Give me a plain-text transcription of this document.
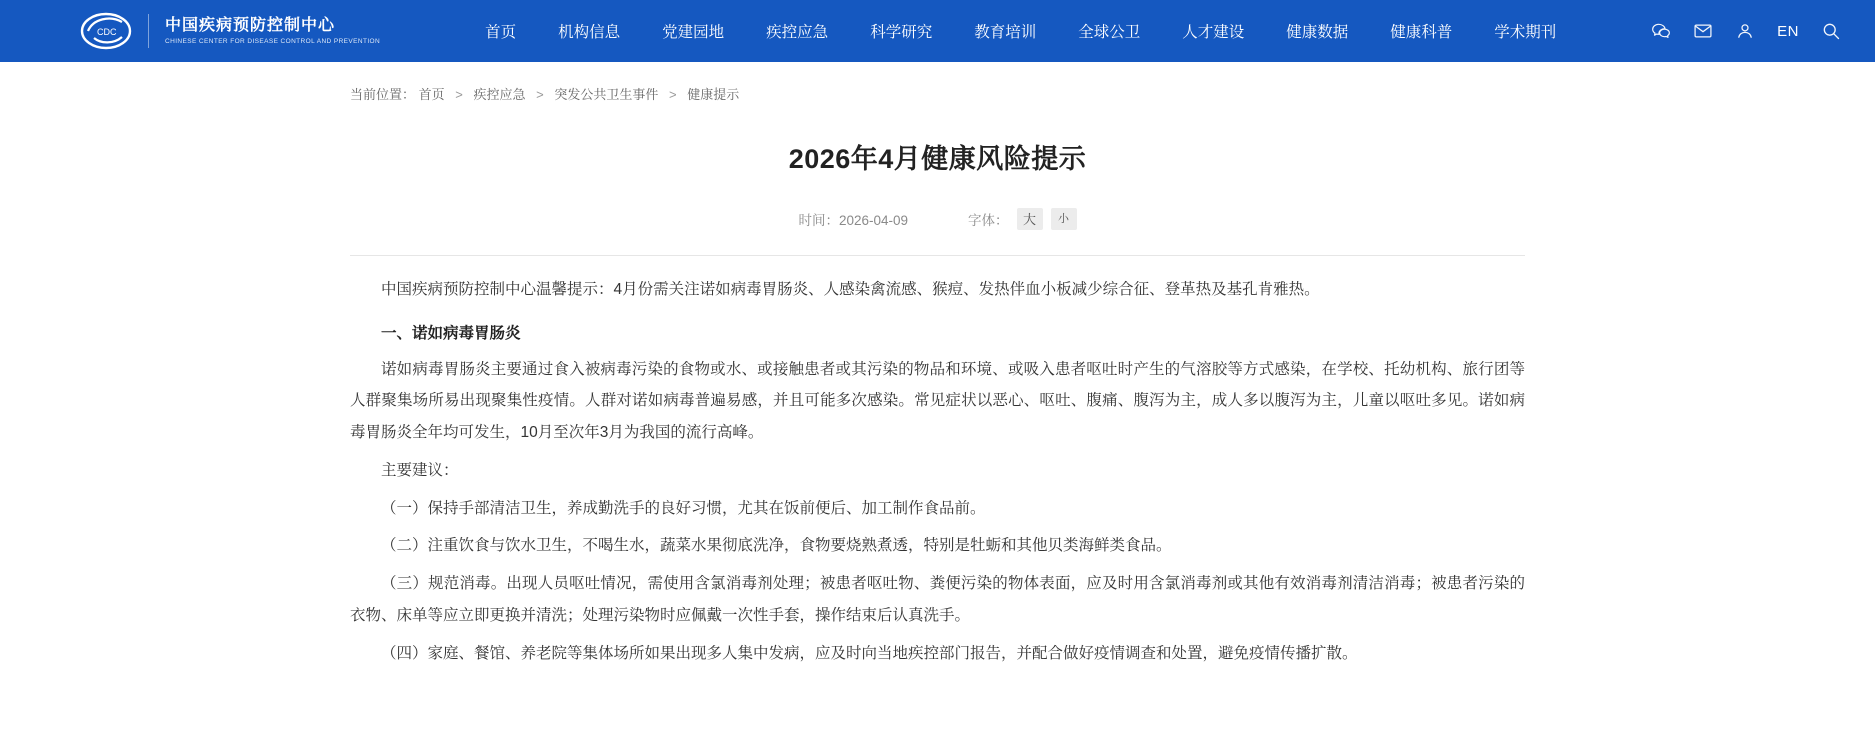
CDC	中国疾病预防控制中心
CHINESE CENTER FOR DISEASE CONTROL AND PREVENTION
首页	机构信息	党建园地	疾控应急	科学研究	教育培训	全球公卫	人才建设	健康数据	健康科普	学术期刊	EN
当前位置： 首页 > 疾控应急 > 突发公共卫生事件 > 健康提示
2026年4月健康风险提示
时间：2026-04-09	字体：	大	小

中国疾病预防控制中心温馨提示：4月份需关注诺如病毒胃肠炎、人感染禽流感、猴痘、发热伴血小板减少综合征、登革热及基孔肯雅热。

一、诺如病毒胃肠炎

诺如病毒胃肠炎主要通过食入被病毒污染的食物或水、或接触患者或其污染的物品和环境、或吸入患者呕吐时产生的气溶胶等方式感染，在学校、托幼机构、旅行团等人群聚集场所易出现聚集性疫情。人群对诺如病毒普遍易感，并且可能多次感染。常见症状以恶心、呕吐、腹痛、腹泻为主，成人多以腹泻为主，儿童以呕吐多见。诺如病毒胃肠炎全年均可发生，10月至次年3月为我国的流行高峰。

主要建议：

（一）保持手部清洁卫生，养成勤洗手的良好习惯，尤其在饭前便后、加工制作食品前。

（二）注重饮食与饮水卫生，不喝生水，蔬菜水果彻底洗净，食物要烧熟煮透，特别是牡蛎和其他贝类海鲜类食品。

（三）规范消毒。出现人员呕吐情况，需使用含氯消毒剂处理；被患者呕吐物、粪便污染的物体表面，应及时用含氯消毒剂或其他有效消毒剂清洁消毒；被患者污染的衣物、床单等应立即更换并清洗；处理污染物时应佩戴一次性手套，操作结束后认真洗手。

（四）家庭、餐馆、养老院等集体场所如果出现多人集中发病，应及时向当地疾控部门报告，并配合做好疫情调查和处置，避免疫情传播扩散。
